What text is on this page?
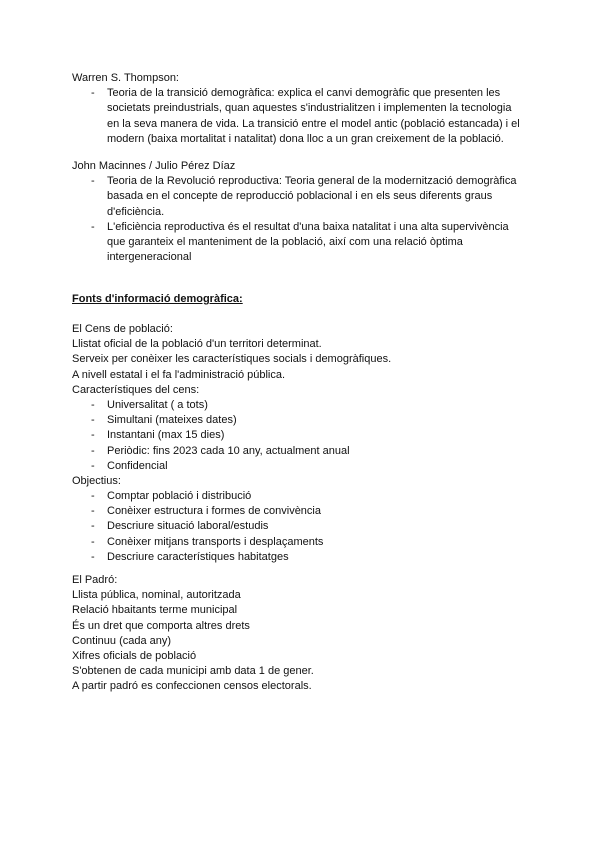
Warren S. Thompson:
- Teoria de la transició demogràfica: explica el canvi demogràfic que presenten les
societats preindustrials, quan aquestes s'industrialitzen i implementen la tecnologia
en la seva manera de vida. La transició entre el model antic (població estancada) i el
modern (baixa mortalitat i natalitat) dona lloc a un gran creixement de la població.
John Macinnes / Julio Pérez Díaz
- Teoria de la Revolució reproductiva: Teoria general de la modernització demogràfica
basada en el concepte de reproducció poblacional i en els seus diferents graus
d'eficiència.
- L'eficiència reproductiva és el resultat d'una baixa natalitat i una alta supervivència
que garanteix el manteniment de la població, així com una relació òptima
intergeneracional
Fonts d'informació demogràfica:
El Cens de població:
Llistat oficial de la població d'un territori determinat.
Serveix per conèixer les característiques socials i demogràfiques.
A nivell estatal i el fa l'administració pública.
Característiques del cens:
- Universalitat ( a tots)
- Simultani (mateixes dates)
- Instantani (max 15 dies)
- Periòdic: fins 2023 cada 10 any, actualment anual
- Confidencial
Objectius:
- Comptar població i distribució
- Conèixer estructura i formes de convivència
- Descriure situació laboral/estudis
- Conèixer mitjans transports i desplaçaments
- Descriure característiques habitatges
El Padró:
Llista pública, nominal, autoritzada
Relació hbaitants terme municipal
És un dret que comporta altres drets
Continuu (cada any)
Xifres oficials de població
S'obtenen de cada municipi amb data 1 de gener.
A partir padró es confeccionen censos electorals.
